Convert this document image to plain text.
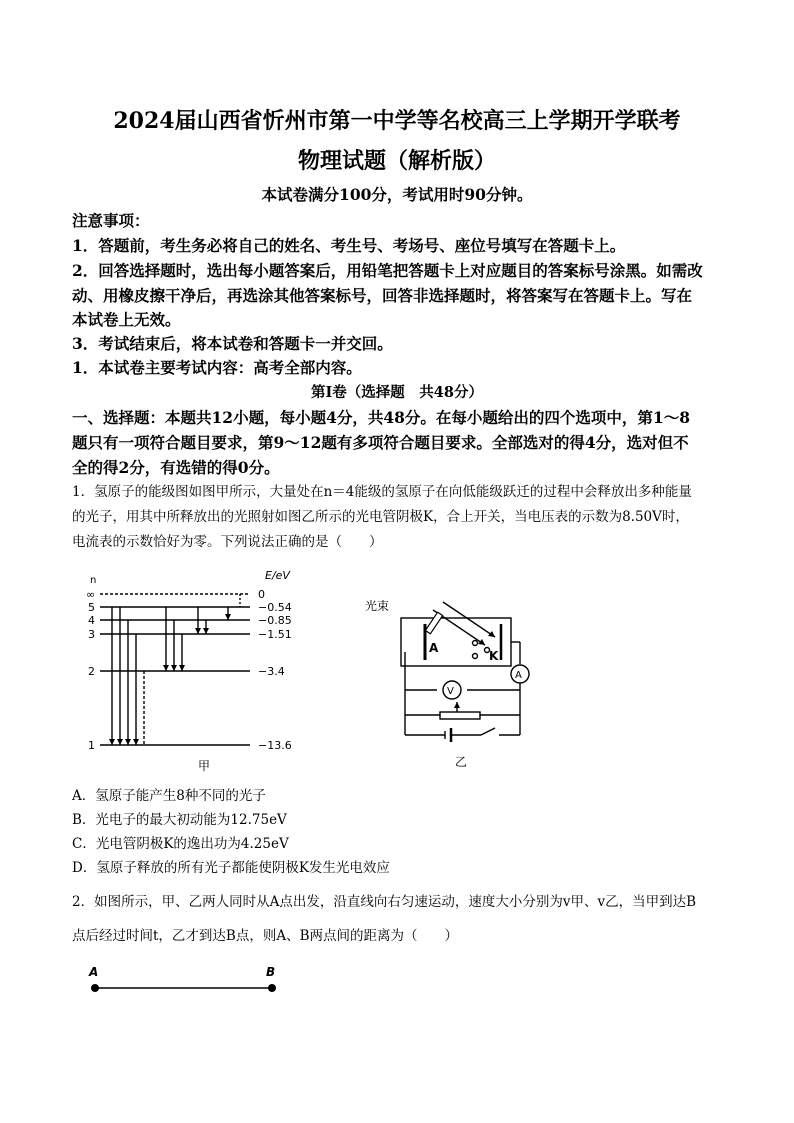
2024届山西省忻州市第一中学等名校高三上学期开学联考
物理试题（解析版）
本试卷满分100分，考试用时90分钟。
注意事项：
1．答题前，考生务必将自己的姓名、考生号、考场号、座位号填写在答题卡上。
2．回答选择题时，选出每小题答案后，用铅笔把答题卡上对应题目的答案标号涂黑。如需改
动、用橡皮擦干净后，再选涂其他答案标号，回答非选择题时，将答案写在答题卡上。写在
本试卷上无效。
3．考试结束后，将本试卷和答题卡一并交回。
1．本试卷主要考试内容：高考全部内容。
第Ⅰ卷（选择题　共48分）
一、选择题：本题共12小题，每小题4分，共48分。在每小题给出的四个选项中，第1～8
题只有一项符合题目要求，第9～12题有多项符合题目要求。全部选对的得4分，选对但不
全的得2分，有选错的得0分。
1．氢原子的能级图如图甲所示，大量处在n＝4能级的氢原子在向低能级跃迁的过程中会释放出多种能量
的光子，用其中所释放出的光照射如图乙所示的光电管阴极K，合上开关，当电压表的示数为8.50V时，
电流表的示数恰好为零。下列说法正确的是（　　）
n	E/eV
∞
5
4
3
2
1
0
−0.54
−0.85
−1.51
−3.4
−13.6
甲
光束
A
K
V
A
乙
A．氢原子能产生8种不同的光子
B．光电子的最大初动能为12.75eV
C．光电管阴极K的逸出功为4.25eV
D．氢原子释放的所有光子都能使阴极K发生光电效应
2．如图所示，甲、乙两人同时从A点出发，沿直线向右匀速运动，速度大小分别为v甲、v乙，当甲到达B
点后经过时间t，乙才到达B点，则A、B两点间的距离为（　　）
A	B
